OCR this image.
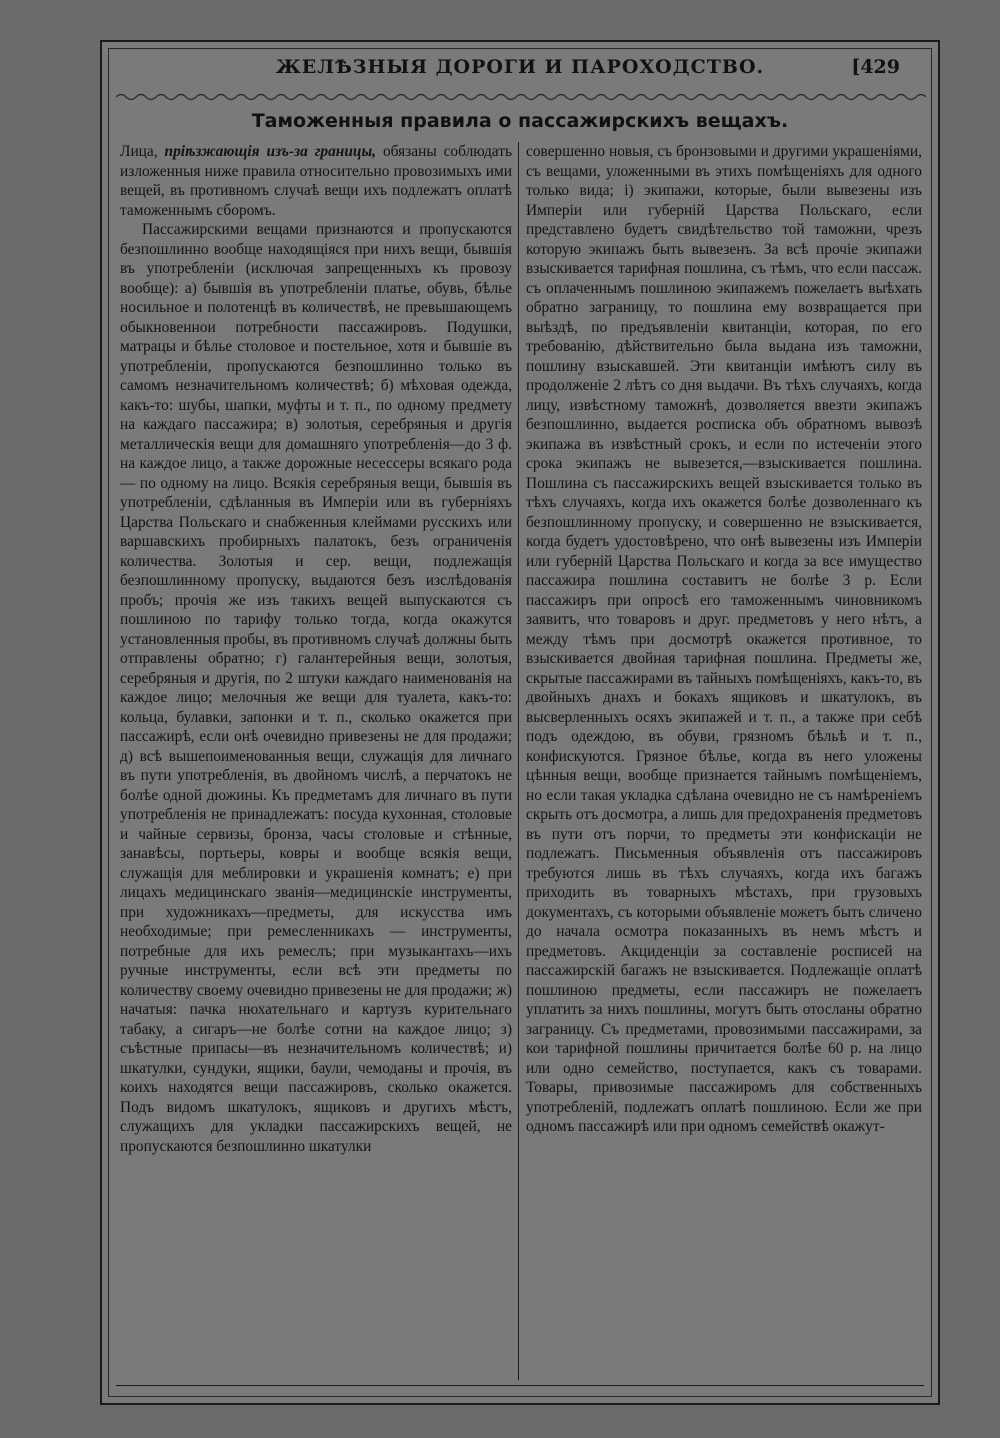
ЖЕЛѢЗНЫЯ ДОРОГИ И ПАРОХОДСТВО.	[429
Таможенныя правила о пассажирскихъ вещахъ.

Лица, пріѣзжающія изъ-за границы, обязаны соблюдать изложенныя ниже правила относительно провозимыхъ ими вещей, въ противномъ случаѣ вещи ихъ подлежатъ оплатѣ таможеннымъ сборомъ.

Пассажирскими вещами признаются и пропускаются безпошлинно вообще находящіяся при нихъ вещи, бывшія въ употребленіи (исключая запрещенныхъ къ провозу вообще): а) бывшія въ употребленіи платье, обувь, бѣлье носильное и полотенцѣ въ количествѣ, не превышающемъ обыкновеннои потребности пассажировъ. Подушки, матрацы и бѣлье столовое и постельное, хотя и бывшіе въ употребленіи, пропускаются безпошлинно только въ самомъ незначительномъ количествѣ; б) мѣховая одежда, какъ-то: шубы, шапки, муфты и т. п., по одному предмету на каждаго пассажира; в) золотыя, серебряныя и другія металлическія вещи для домашняго употребленія—до 3 ф. на каждое лицо, а также дорожные несессеры всякаго рода — по одному на лицо. Всякія серебряныя вещи, бывшія въ употребленіи, сдѣланныя въ Имперіи или въ губерніяхъ Царства Польскаго и снабженныя клеймами русскихъ или варшавскихъ пробирныхъ палатокъ, безъ ограниченія количества. Золотыя и сер. вещи, подлежащія безпошлинному пропуску, выдаются безъ изслѣдованія пробъ; прочія же изъ такихъ вещей выпускаются съ пошлиною по тарифу только тогда, когда окажутся установленныя пробы, въ противномъ случаѣ должны быть отправлены обратно; г) галантерейныя вещи, золотыя, серебряныя и другія, по 2 штуки каждаго наименованія на каждое лицо; мелочныя же вещи для туалета, какъ-то: кольца, булавки, запонки и т. п., сколько окажется при пассажирѣ, если онѣ очевидно привезены не для продажи; д) всѣ вышепоименованныя вещи, служащія для личнаго въ пути употребленія, въ двойномъ числѣ, а перчатокъ не болѣе одной дюжины. Къ предметамъ для личнаго въ пути употребленія не принадлежатъ: посуда кухонная, столовые и чайные сервизы, бронза, часы столовые и стѣнные, занавѣсы, портьеры, ковры и вообще всякія вещи, служащія для меблировки и украшенія комнатъ; е) при лицахъ медицинскаго званія—медицинскіе инструменты, при художникахъ—предметы, для искусства имъ необходимые; при ремесленникахъ — инструменты, потребные для ихъ ремеслъ; при музыкантахъ—ихъ ручные инструменты, если всѣ эти предметы по количеству своему очевидно привезены не для продажи; ж) начатыя: пачка нюхательнаго и картузъ курительнаго табаку, а сигаръ—не болѣе сотни на каждое лицо; з) съѣстные припасы—въ незначительномъ количествѣ; и) шкатулки, сундуки, ящики, баули, чемоданы и прочія, въ коихъ находятся вещи пассажировъ, сколько окажется. Подъ видомъ шкатулокъ, ящиковъ и другихъ мѣстъ, служащихъ для укладки пассажирскихъ вещей, не пропускаются безпошлинно шкатулки

совершенно новыя, съ бронзовыми и другими украшеніями, съ вещами, уложенными въ этихъ помѣщеніяхъ для одного только вида; і) экипажи, которые, были вывезены изъ Имперіи или губерній Царства Польскаго, если представлено будетъ свидѣтельство той таможни, чрезъ которую экипажъ быть вывезенъ. За всѣ прочіе экипажи взыскивается тарифная пошлина, съ тѣмъ, что если пассаж. съ оплаченнымъ пошлиною экипажемъ пожелаетъ выѣхать обратно заграницу, то пошлина ему возвращается при выѣздѣ, по предъявленіи квитанціи, которая, по его требованію, дѣйствительно была выдана изъ таможни, пошлину взыскавшей. Эти квитанціи имѣютъ силу въ продолженіе 2 лѣтъ со дня выдачи. Въ тѣхъ случаяхъ, когда лицу, извѣстному таможнѣ, дозволяется ввезти экипажъ безпошлинно, выдается росписка объ обратномъ вывозѣ экипажа въ извѣстный срокъ, и если по истеченіи этого срока экипажъ не вывезется,—взыскивается пошлина. Пошлина съ пассажирскихъ вещей взыскивается только въ тѣхъ случаяхъ, когда ихъ окажется болѣе дозволеннаго къ безпошлинному пропуску, и совершенно не взыскивается, когда будетъ удостовѣрено, что онѣ вывезены изъ Имперіи или губерній Царства Польскаго и когда за все имущество пассажира пошлина составитъ не болѣе 3 р. Если пассажиръ при опросѣ его таможеннымъ чиновникомъ заявитъ, что товаровъ и друг. предметовъ у него нѣтъ, а между тѣмъ при досмотрѣ окажется противное, то взыскивается двойная тарифная пошлина. Предметы же, скрытые пассажирами въ тайныхъ помѣщеніяхъ, какъ-то, въ двойныхъ днахъ и бокахъ ящиковъ и шкатулокъ, въ высверленныхъ осяхъ экипажей и т. п., а также при себѣ подъ одеждою, въ обуви, грязномъ бѣльѣ и т. п., конфискуются. Грязное бѣлье, когда въ него уложены цѣнныя вещи, вообще признается тайнымъ помѣщеніемъ, но если такая укладка сдѣлана очевидно не съ намѣреніемъ скрыть отъ досмотра, а лишь для предохраненія предметовъ въ пути отъ порчи, то предметы эти конфискаціи не подлежатъ. Письменныя объявленія отъ пассажировъ требуются лишь въ тѣхъ случаяхъ, когда ихъ багажъ приходить въ товарныхъ мѣстахъ, при грузовыхъ документахъ, съ которыми объявленіе можетъ быть сличено до начала осмотра показанныхъ въ немъ мѣстъ и предметовъ. Акциденціи за составленіе росписей на пассажирскій багажъ не взыскивается. Подлежащіе оплатѣ пошлиною предметы, если пассажиръ не пожелаетъ уплатить за нихъ пошлины, могутъ быть отосланы обратно заграницу. Съ предметами, провозимыми пассажирами, за кои тарифной пошлины причитается болѣе 60 р. на лицо или одно семейство, поступается, какъ съ товарами. Товары, привозимые пассажиромъ для собственныхъ употребленій, подлежатъ оплатѣ пошлиною. Если же при одномъ пассажирѣ или при одномъ семействѣ окажут-
